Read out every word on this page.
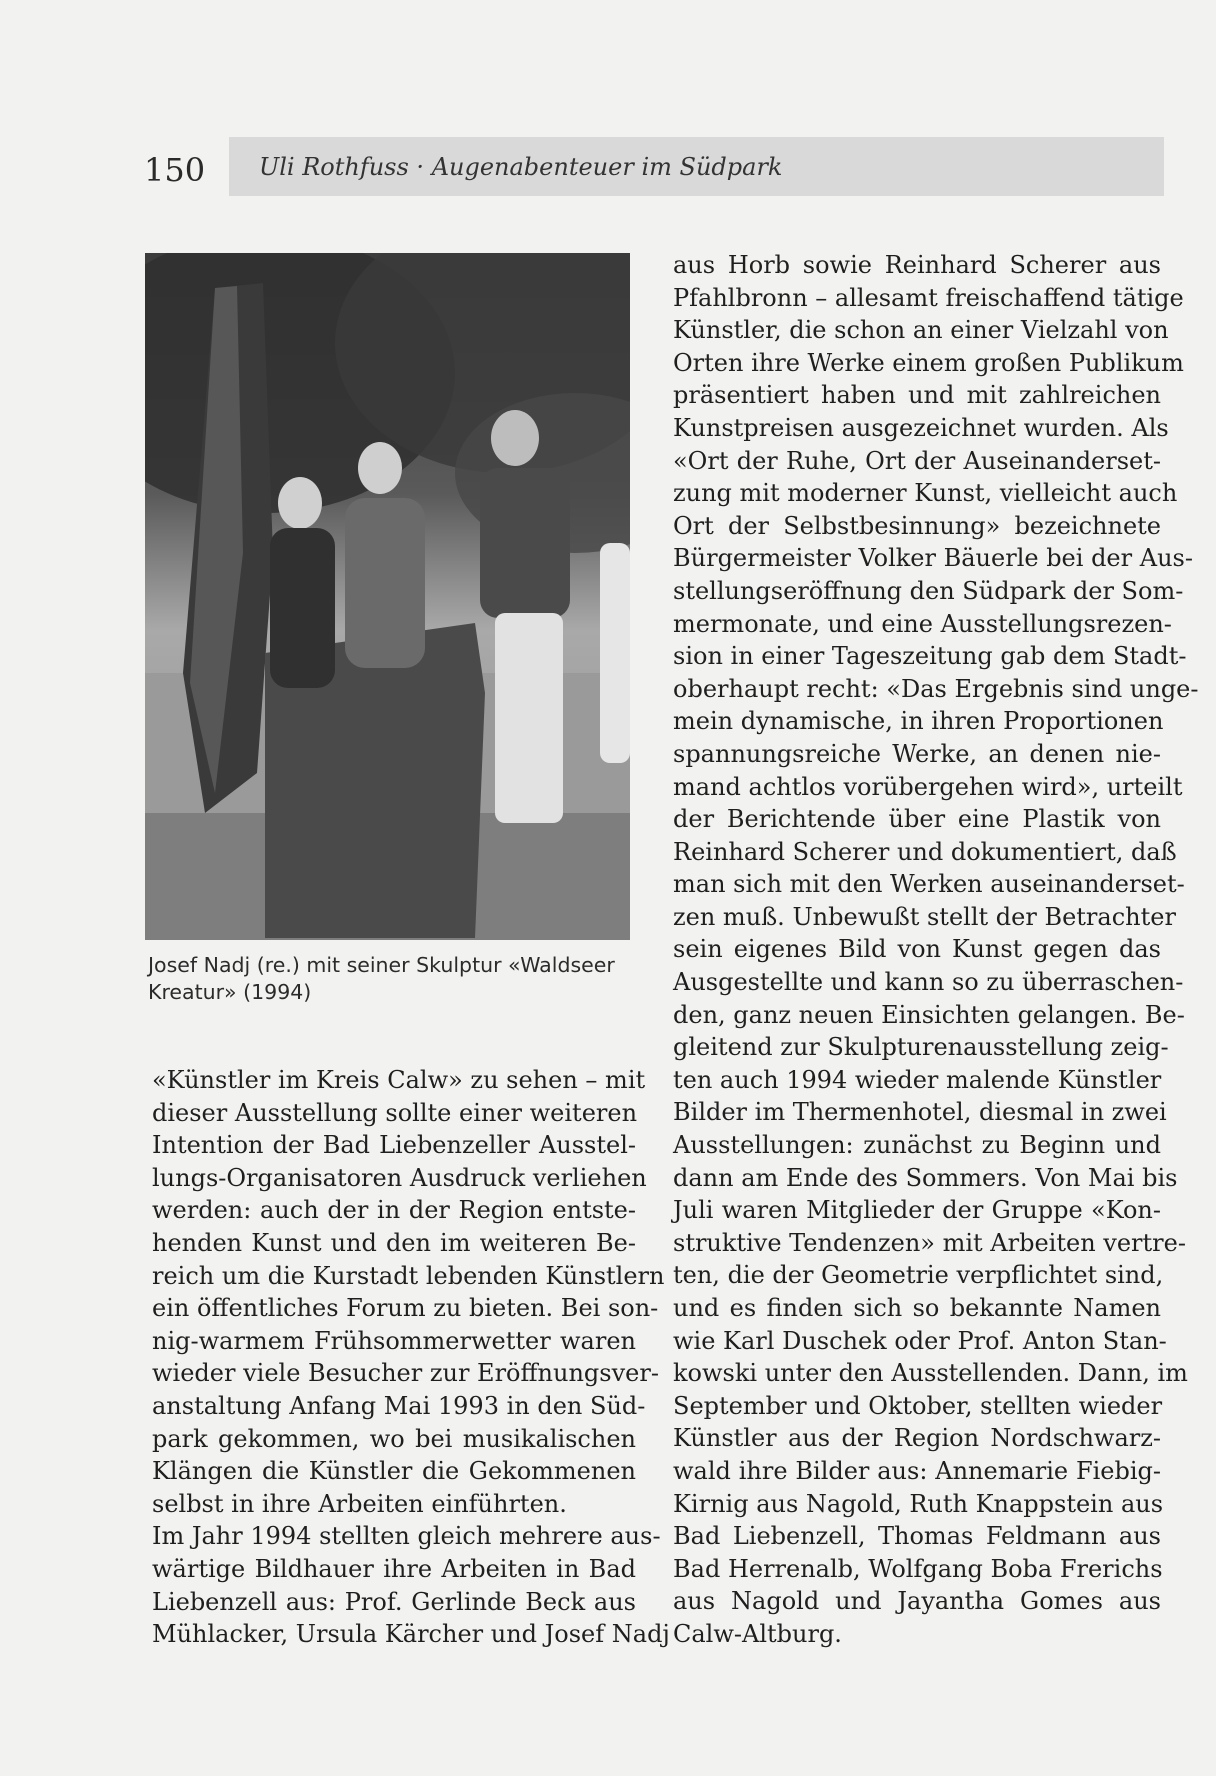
150 Uli Rothfuss · Augenabenteuer im Südpark
Josef Nadj (re.) mit seiner Skulptur «Waldseer Kreatur» (1994)
«Künstler im Kreis Calw» zu sehen – mit
dieser Ausstellung sollte einer weiteren
Intention der Bad Liebenzeller Ausstel-
lungs-Organisatoren Ausdruck verliehen
werden: auch der in der Region entste-
henden Kunst und den im weiteren Be-
reich um die Kurstadt lebenden Künstlern
ein öffentliches Forum zu bieten. Bei son-
nig-warmem Frühsommerwetter waren
wieder viele Besucher zur Eröffnungsver-
anstaltung Anfang Mai 1993 in den Süd-
park gekommen, wo bei musikalischen
Klängen die Künstler die Gekommenen
selbst in ihre Arbeiten einführten.
Im Jahr 1994 stellten gleich mehrere aus-
wärtige Bildhauer ihre Arbeiten in Bad
Liebenzell aus: Prof. Gerlinde Beck aus
Mühlacker, Ursula Kärcher und Josef Nadj
aus Horb sowie Reinhard Scherer aus
Pfahlbronn – allesamt freischaffend tätige
Künstler, die schon an einer Vielzahl von
Orten ihre Werke einem großen Publikum
präsentiert haben und mit zahlreichen
Kunstpreisen ausgezeichnet wurden. Als
«Ort der Ruhe, Ort der Auseinanderset-
zung mit moderner Kunst, vielleicht auch
Ort der Selbstbesinnung» bezeichnete
Bürgermeister Volker Bäuerle bei der Aus-
stellungseröffnung den Südpark der Som-
mermonate, und eine Ausstellungsrezen-
sion in einer Tageszeitung gab dem Stadt-
oberhaupt recht: «Das Ergebnis sind unge-
mein dynamische, in ihren Proportionen
spannungsreiche Werke, an denen nie-
mand achtlos vorübergehen wird», urteilt
der Berichtende über eine Plastik von
Reinhard Scherer und dokumentiert, daß
man sich mit den Werken auseinanderset-
zen muß. Unbewußt stellt der Betrachter
sein eigenes Bild von Kunst gegen das
Ausgestellte und kann so zu überraschen-
den, ganz neuen Einsichten gelangen. Be-
gleitend zur Skulpturenausstellung zeig-
ten auch 1994 wieder malende Künstler
Bilder im Thermenhotel, diesmal in zwei
Ausstellungen: zunächst zu Beginn und
dann am Ende des Sommers. Von Mai bis
Juli waren Mitglieder der Gruppe «Kon-
struktive Tendenzen» mit Arbeiten vertre-
ten, die der Geometrie verpflichtet sind,
und es finden sich so bekannte Namen
wie Karl Duschek oder Prof. Anton Stan-
kowski unter den Ausstellenden. Dann, im
September und Oktober, stellten wieder
Künstler aus der Region Nordschwarz-
wald ihre Bilder aus: Annemarie Fiebig-
Kirnig aus Nagold, Ruth Knappstein aus
Bad Liebenzell, Thomas Feldmann aus
Bad Herrenalb, Wolfgang Boba Frerichs
aus Nagold und Jayantha Gomes aus
Calw-Altburg.
